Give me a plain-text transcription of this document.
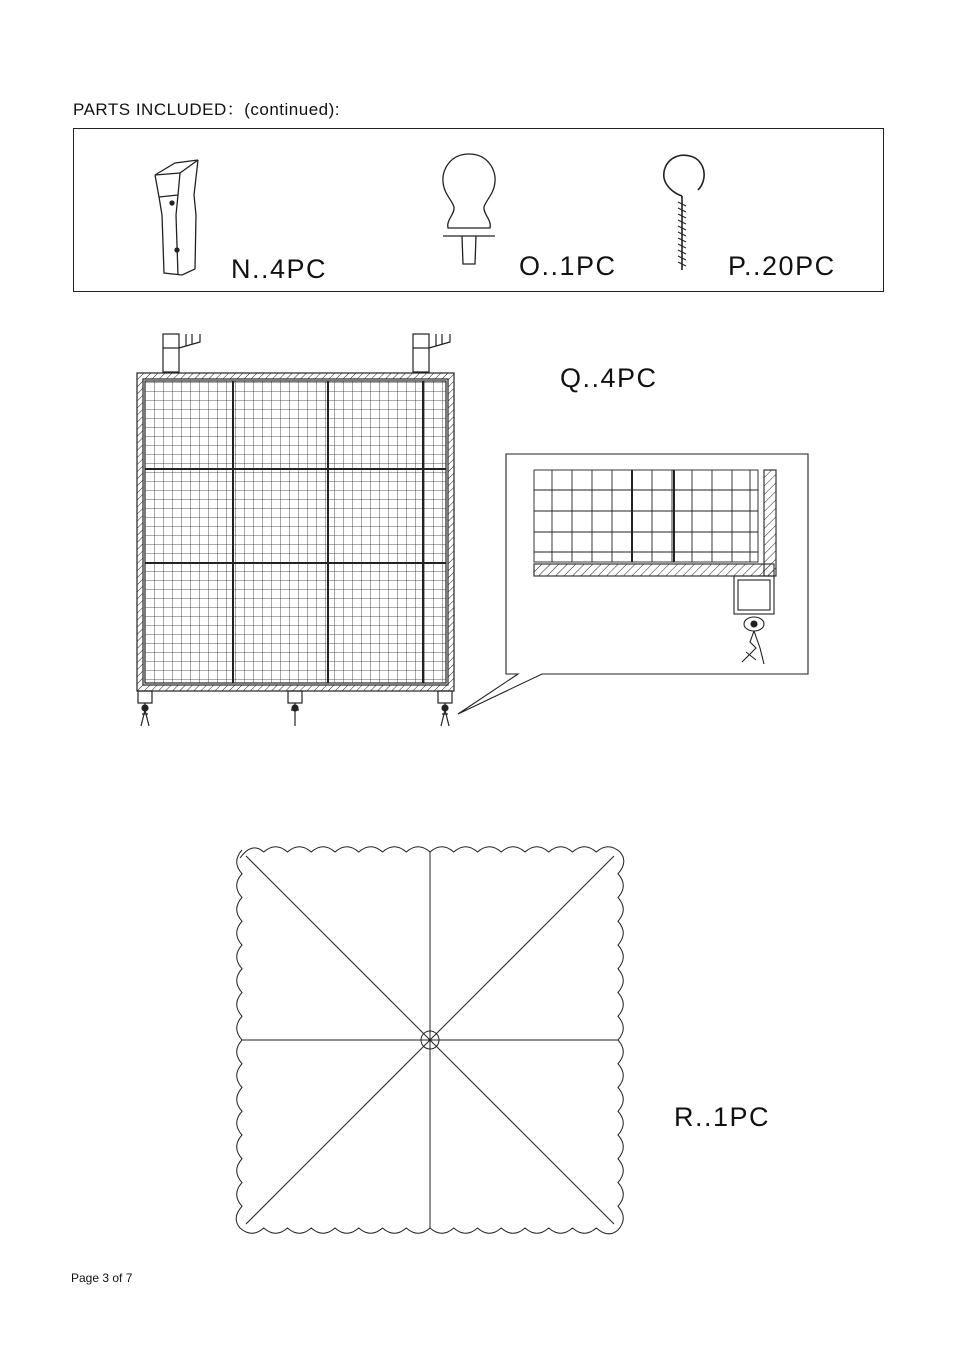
PARTS INCLUDED：(continued):
N..4PC	O..1PC	P..20PC
Q..4PC
R..1PC
Page 3 of 7
